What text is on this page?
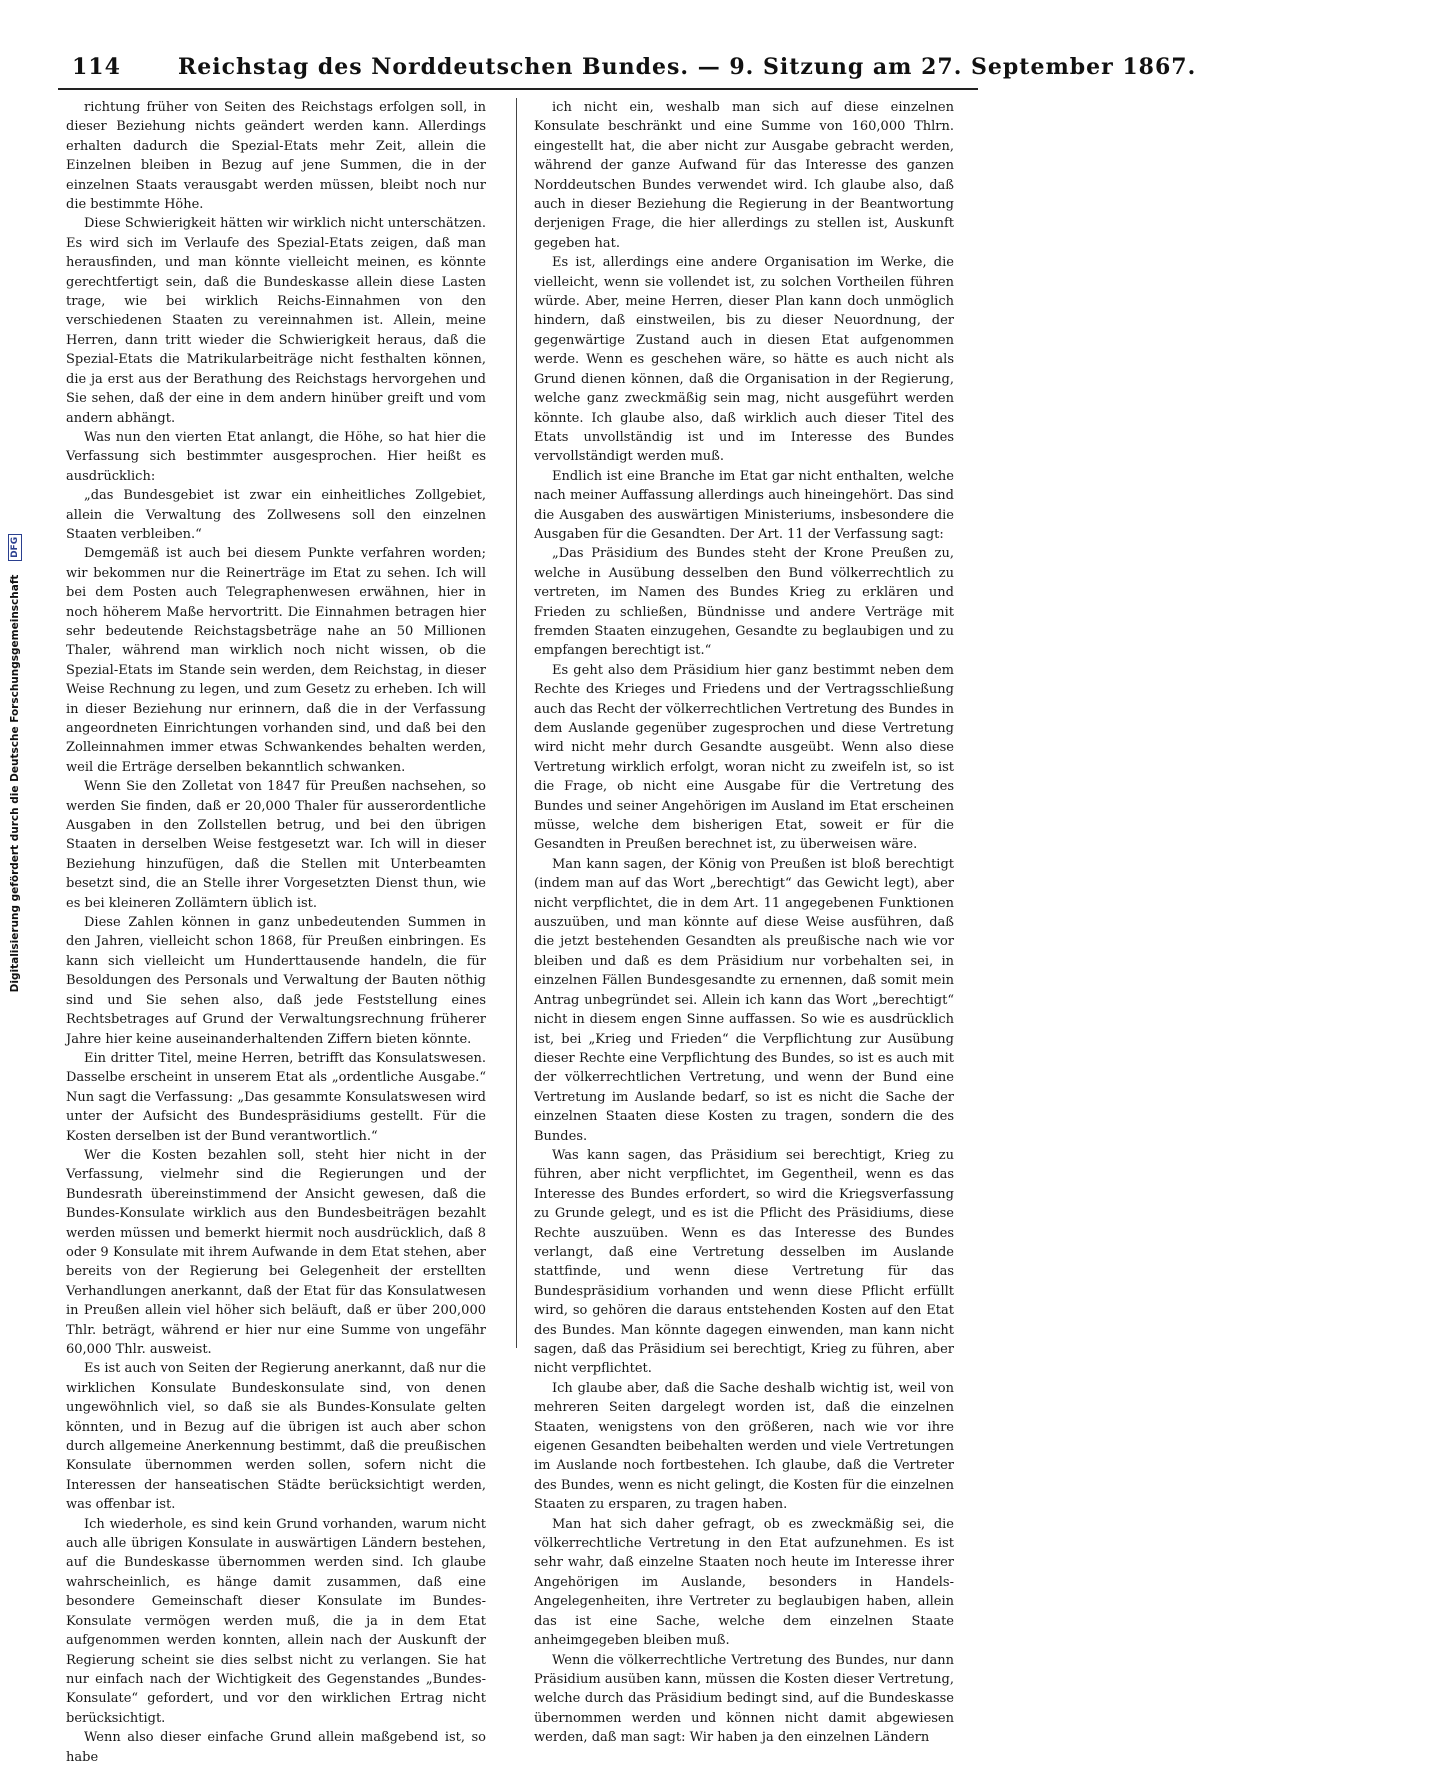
Digitalisierung gefördert durch die Deutsche Forschungsgemeinschaft DFG
114	Reichstag des Norddeutschen Bundes. — 9. Sitzung am 27. September 1867.

richtung früher von Seiten des Reichstags erfolgen soll, in dieser Beziehung nichts geändert werden kann. Allerdings erhalten dadurch die Spezial-Etats mehr Zeit, allein die Einzelnen bleiben in Bezug auf jene Summen, die in der einzelnen Staats verausgabt werden müssen, bleibt noch nur die bestimmte Höhe.

Diese Schwierigkeit hätten wir wirklich nicht unterschätzen. Es wird sich im Verlaufe des Spezial-Etats zeigen, daß man herausfinden, und man könnte vielleicht meinen, es könnte gerechtfertigt sein, daß die Bundeskasse allein diese Lasten trage, wie bei wirklich Reichs-Einnahmen von den verschiedenen Staaten zu vereinnahmen ist. Allein, meine Herren, dann tritt wieder die Schwierigkeit heraus, daß die Spezial-Etats die Matrikularbeiträge nicht festhalten können, die ja erst aus der Berathung des Reichstags hervorgehen und Sie sehen, daß der eine in dem andern hinüber greift und vom andern abhängt.

Was nun den vierten Etat anlangt, die Höhe, so hat hier die Verfassung sich bestimmter ausgesprochen. Hier heißt es ausdrücklich:

„das Bundesgebiet ist zwar ein einheitliches Zollgebiet, allein die Verwaltung des Zollwesens soll den einzelnen Staaten verbleiben.“

Demgemäß ist auch bei diesem Punkte verfahren worden; wir bekommen nur die Reinerträge im Etat zu sehen. Ich will bei dem Posten auch Telegraphenwesen erwähnen, hier in noch höherem Maße hervortritt. Die Einnahmen betragen hier sehr bedeutende Reichstagsbeträge nahe an 50 Millionen Thaler, während man wirklich noch nicht wissen, ob die Spezial-Etats im Stande sein werden, dem Reichstag, in dieser Weise Rechnung zu legen, und zum Gesetz zu erheben. Ich will in dieser Beziehung nur erinnern, daß die in der Verfassung angeordneten Einrichtungen vorhanden sind, und daß bei den Zolleinnahmen immer etwas Schwankendes behalten werden, weil die Erträge derselben bekanntlich schwanken.

Wenn Sie den Zolletat von 1847 für Preußen nachsehen, so werden Sie finden, daß er 20,000 Thaler für ausserordentliche Ausgaben in den Zollstellen betrug, und bei den übrigen Staaten in derselben Weise festgesetzt war. Ich will in dieser Beziehung hinzufügen, daß die Stellen mit Unterbeamten besetzt sind, die an Stelle ihrer Vorgesetzten Dienst thun, wie es bei kleineren Zollämtern üblich ist.

Diese Zahlen können in ganz unbedeutenden Summen in den Jahren, vielleicht schon 1868, für Preußen einbringen. Es kann sich vielleicht um Hunderttausende handeln, die für Besoldungen des Personals und Verwaltung der Bauten nöthig sind und Sie sehen also, daß jede Feststellung eines Rechtsbetrages auf Grund der Verwaltungsrechnung früherer Jahre hier keine auseinanderhaltenden Ziffern bieten könnte.

Ein dritter Titel, meine Herren, betrifft das Konsulatswesen. Dasselbe erscheint in unserem Etat als „ordentliche Ausgabe.“ Nun sagt die Verfassung: „Das gesammte Konsulatswesen wird unter der Aufsicht des Bundespräsidiums gestellt. Für die Kosten derselben ist der Bund verantwortlich.“

Wer die Kosten bezahlen soll, steht hier nicht in der Verfassung, vielmehr sind die Regierungen und der Bundesrath übereinstimmend der Ansicht gewesen, daß die Bundes-Konsulate wirklich aus den Bundesbeiträgen bezahlt werden müssen und bemerkt hiermit noch ausdrücklich, daß 8 oder 9 Konsulate mit ihrem Aufwande in dem Etat stehen, aber bereits von der Regierung bei Gelegenheit der erstellten Verhandlungen anerkannt, daß der Etat für das Konsulatwesen in Preußen allein viel höher sich beläuft, daß er über 200,000 Thlr. beträgt, während er hier nur eine Summe von ungefähr 60,000 Thlr. ausweist.

Es ist auch von Seiten der Regierung anerkannt, daß nur die wirklichen Konsulate Bundeskonsulate sind, von denen ungewöhnlich viel, so daß sie als Bundes-Konsulate gelten könnten, und in Bezug auf die übrigen ist auch aber schon durch allgemeine Anerkennung bestimmt, daß die preußischen Konsulate übernommen werden sollen, sofern nicht die Interessen der hanseatischen Städte berücksichtigt werden, was offenbar ist.

Ich wiederhole, es sind kein Grund vorhanden, warum nicht auch alle übrigen Konsulate in auswärtigen Ländern bestehen, auf die Bundeskasse übernommen werden sind. Ich glaube wahrscheinlich, es hänge damit zusammen, daß eine besondere Gemeinschaft dieser Konsulate im Bundes-Konsulate vermögen werden muß, die ja in dem Etat aufgenommen werden konnten, allein nach der Auskunft der Regierung scheint sie dies selbst nicht zu verlangen. Sie hat nur einfach nach der Wichtigkeit des Gegenstandes „Bundes-Konsulate“ gefordert, und vor den wirklichen Ertrag nicht berücksichtigt.

Wenn also dieser einfache Grund allein maßgebend ist, so habe

ich nicht ein, weshalb man sich auf diese einzelnen Konsulate beschränkt und eine Summe von 160,000 Thlrn. eingestellt hat, die aber nicht zur Ausgabe gebracht werden, während der ganze Aufwand für das Interesse des ganzen Norddeutschen Bundes verwendet wird. Ich glaube also, daß auch in dieser Beziehung die Regierung in der Beantwortung derjenigen Frage, die hier allerdings zu stellen ist, Auskunft gegeben hat.

Es ist, allerdings eine andere Organisation im Werke, die vielleicht, wenn sie vollendet ist, zu solchen Vortheilen führen würde. Aber, meine Herren, dieser Plan kann doch unmöglich hindern, daß einstweilen, bis zu dieser Neuordnung, der gegenwärtige Zustand auch in diesen Etat aufgenommen werde. Wenn es geschehen wäre, so hätte es auch nicht als Grund dienen können, daß die Organisation in der Regierung, welche ganz zweckmäßig sein mag, nicht ausgeführt werden könnte. Ich glaube also, daß wirklich auch dieser Titel des Etats unvollständig ist und im Interesse des Bundes vervollständigt werden muß.

Endlich ist eine Branche im Etat gar nicht enthalten, welche nach meiner Auffassung allerdings auch hineingehört. Das sind die Ausgaben des auswärtigen Ministeriums, insbesondere die Ausgaben für die Gesandten. Der Art. 11 der Verfassung sagt:

„Das Präsidium des Bundes steht der Krone Preußen zu, welche in Ausübung desselben den Bund völkerrechtlich zu vertreten, im Namen des Bundes Krieg zu erklären und Frieden zu schließen, Bündnisse und andere Verträge mit fremden Staaten einzugehen, Gesandte zu beglaubigen und zu empfangen berechtigt ist.“

Es geht also dem Präsidium hier ganz bestimmt neben dem Rechte des Krieges und Friedens und der Vertragsschließung auch das Recht der völkerrechtlichen Vertretung des Bundes in dem Auslande gegenüber zugesprochen und diese Vertretung wird nicht mehr durch Gesandte ausgeübt. Wenn also diese Vertretung wirklich erfolgt, woran nicht zu zweifeln ist, so ist die Frage, ob nicht eine Ausgabe für die Vertretung des Bundes und seiner Angehörigen im Ausland im Etat erscheinen müsse, welche dem bisherigen Etat, soweit er für die Gesandten in Preußen berechnet ist, zu überweisen wäre.

Man kann sagen, der König von Preußen ist bloß berechtigt (indem man auf das Wort „berechtigt“ das Gewicht legt), aber nicht verpflichtet, die in dem Art. 11 angegebenen Funktionen auszuüben, und man könnte auf diese Weise ausführen, daß die jetzt bestehenden Gesandten als preußische nach wie vor bleiben und daß es dem Präsidium nur vorbehalten sei, in einzelnen Fällen Bundesgesandte zu ernennen, daß somit mein Antrag unbegründet sei. Allein ich kann das Wort „berechtigt“ nicht in diesem engen Sinne auffassen. So wie es ausdrücklich ist, bei „Krieg und Frieden“ die Verpflichtung zur Ausübung dieser Rechte eine Verpflichtung des Bundes, so ist es auch mit der völkerrechtlichen Vertretung, und wenn der Bund eine Vertretung im Auslande bedarf, so ist es nicht die Sache der einzelnen Staaten diese Kosten zu tragen, sondern die des Bundes.

Was kann sagen, das Präsidium sei berechtigt, Krieg zu führen, aber nicht verpflichtet, im Gegentheil, wenn es das Interesse des Bundes erfordert, so wird die Kriegsverfassung zu Grunde gelegt, und es ist die Pflicht des Präsidiums, diese Rechte auszuüben. Wenn es das Interesse des Bundes verlangt, daß eine Vertretung desselben im Auslande stattfinde, und wenn diese Vertretung für das Bundespräsidium vorhanden und wenn diese Pflicht erfüllt wird, so gehören die daraus entstehenden Kosten auf den Etat des Bundes. Man könnte dagegen einwenden, man kann nicht sagen, daß das Präsidium sei berechtigt, Krieg zu führen, aber nicht verpflichtet.

Ich glaube aber, daß die Sache deshalb wichtig ist, weil von mehreren Seiten dargelegt worden ist, daß die einzelnen Staaten, wenigstens von den größeren, nach wie vor ihre eigenen Gesandten beibehalten werden und viele Vertretungen im Auslande noch fortbestehen. Ich glaube, daß die Vertreter des Bundes, wenn es nicht gelingt, die Kosten für die einzelnen Staaten zu ersparen, zu tragen haben.

Man hat sich daher gefragt, ob es zweckmäßig sei, die völkerrechtliche Vertretung in den Etat aufzunehmen. Es ist sehr wahr, daß einzelne Staaten noch heute im Interesse ihrer Angehörigen im Auslande, besonders in Handels-Angelegenheiten, ihre Vertreter zu beglaubigen haben, allein das ist eine Sache, welche dem einzelnen Staate anheimgegeben bleiben muß.

Wenn die völkerrechtliche Vertretung des Bundes, nur dann Präsidium ausüben kann, müssen die Kosten dieser Vertretung, welche durch das Präsidium bedingt sind, auf die Bundeskasse übernommen werden und können nicht damit abgewiesen werden, daß man sagt: Wir haben ja den einzelnen Ländern
